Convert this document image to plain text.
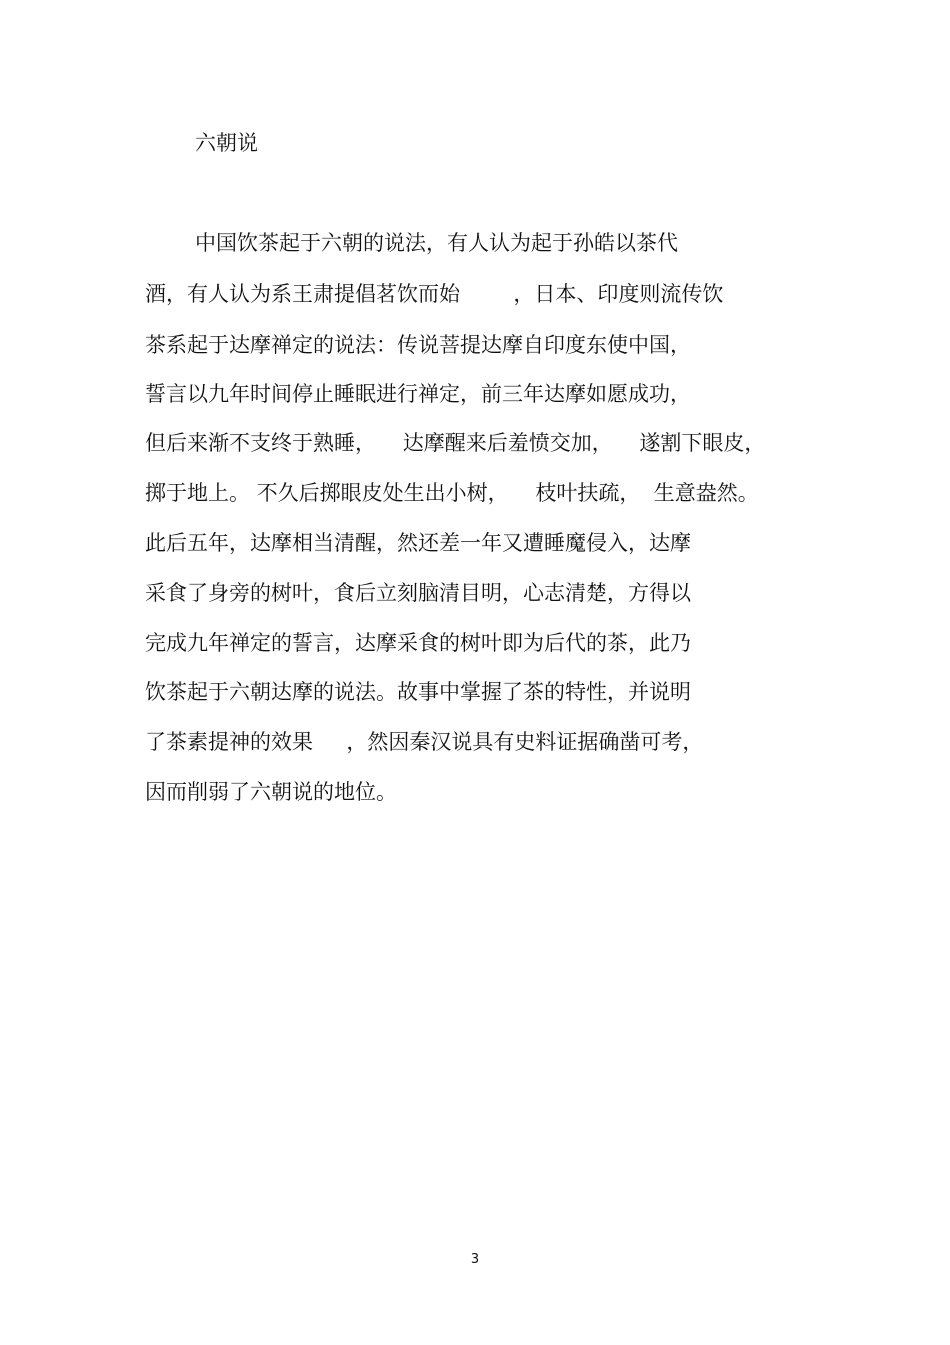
六朝说
中国饮茶起于六朝的说法，有人认为起于孙皓以茶代
酒，有人认为系王肃提倡茗饮而始        ，日本、印度则流传饮
茶系起于达摩禅定的说法：传说菩提达摩自印度东使中国，
誓言以九年时间停止睡眠进行禅定，前三年达摩如愿成功，
但后来渐不支终于熟睡，    达摩醒来后羞愤交加，    遂割下眼皮，
掷于地上。 不久后掷眼皮处生出小树，    枝叶扶疏，  生意盎然。
此后五年，达摩相当清醒，然还差一年又遭睡魔侵入，达摩
采食了身旁的树叶，食后立刻脑清目明，心志清楚，方得以
完成九年禅定的誓言，达摩采食的树叶即为后代的茶，此乃
饮茶起于六朝达摩的说法。故事中掌握了茶的特性，并说明
了茶素提神的效果     ，然因秦汉说具有史料证据确凿可考，
因而削弱了六朝说的地位。
3
